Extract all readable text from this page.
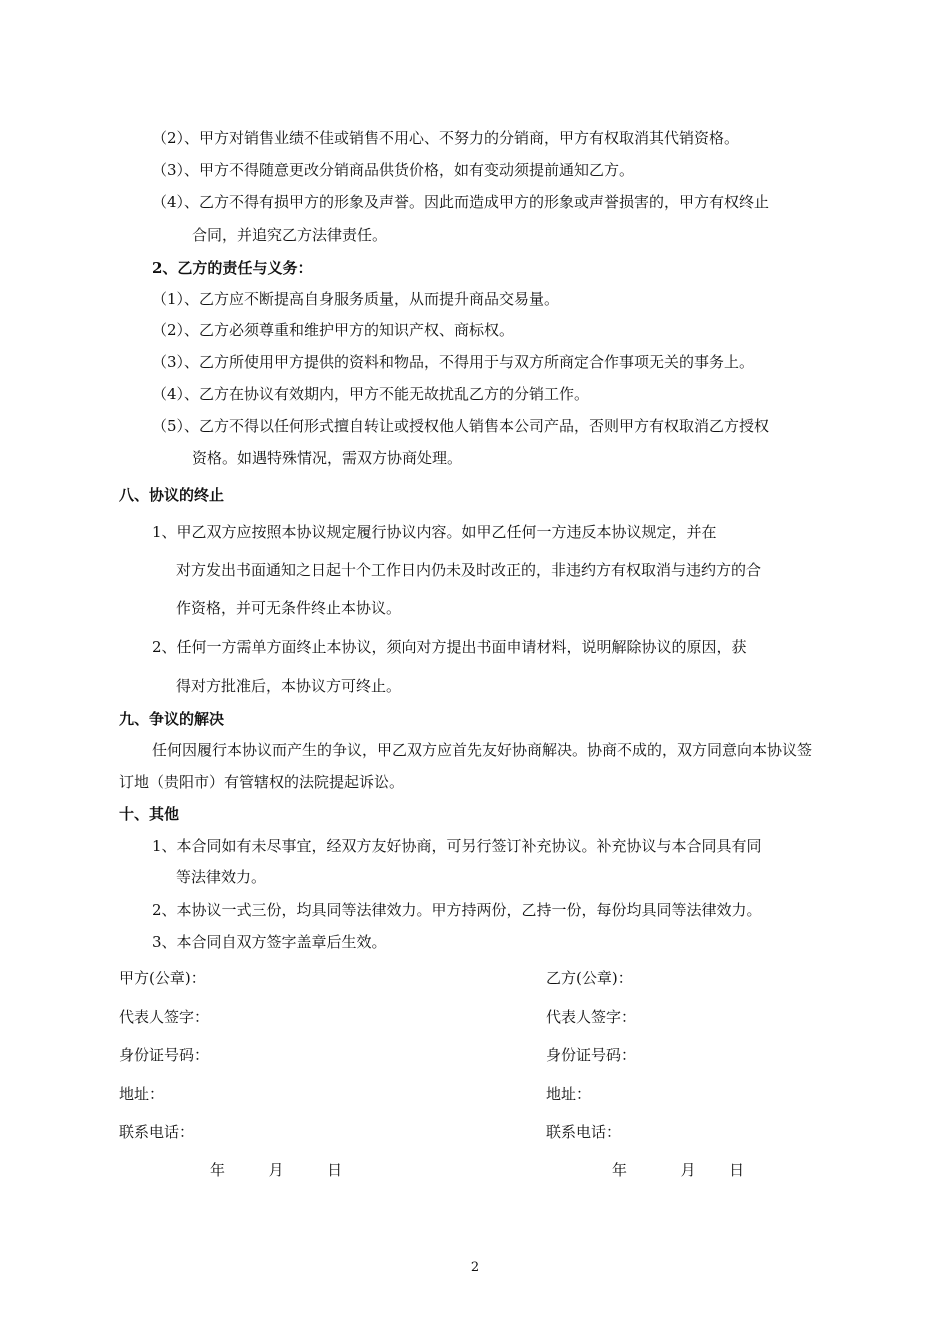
（2）、甲方对销售业绩不佳或销售不用心、不努力的分销商，甲方有权取消其代销资格。
（3）、甲方不得随意更改分销商品供货价格，如有变动须提前通知乙方。
（4）、乙方不得有损甲方的形象及声誉。因此而造成甲方的形象或声誉损害的，甲方有权终止
合同，并追究乙方法律责任。
2、乙方的责任与义务：
（1）、乙方应不断提高自身服务质量，从而提升商品交易量。
（2）、乙方必须尊重和维护甲方的知识产权、商标权。
（3）、乙方所使用甲方提供的资料和物品，不得用于与双方所商定合作事项无关的事务上。
（4）、乙方在协议有效期内，甲方不能无故扰乱乙方的分销工作。
（5）、乙方不得以任何形式擅自转让或授权他人销售本公司产品，否则甲方有权取消乙方授权
资格。如遇特殊情况，需双方协商处理。
八、协议的终止
1、甲乙双方应按照本协议规定履行协议内容。如甲乙任何一方违反本协议规定，并在
对方发出书面通知之日起十个工作日内仍未及时改正的，非违约方有权取消与违约方的合
作资格，并可无条件终止本协议。
2、任何一方需单方面终止本协议，须向对方提出书面申请材料，说明解除协议的原因，获
得对方批准后，本协议方可终止。
九、争议的解决
任何因履行本协议而产生的争议，甲乙双方应首先友好协商解决。协商不成的，双方同意向本协议签
订地（贵阳市）有管辖权的法院提起诉讼。
十、其他
1、本合同如有未尽事宜，经双方友好协商，可另行签订补充协议。补充协议与本合同具有同
等法律效力。
2、本协议一式三份，均具同等法律效力。甲方持两份，乙持一份，每份均具同等法律效力。
3、本合同自双方签字盖章后生效。
甲方(公章)：
代表人签字：
身份证号码：
地址：
联系电话：
年	月	日
乙方(公章)：
代表人签字：
身份证号码：
地址：
联系电话：
年	月 日
2
